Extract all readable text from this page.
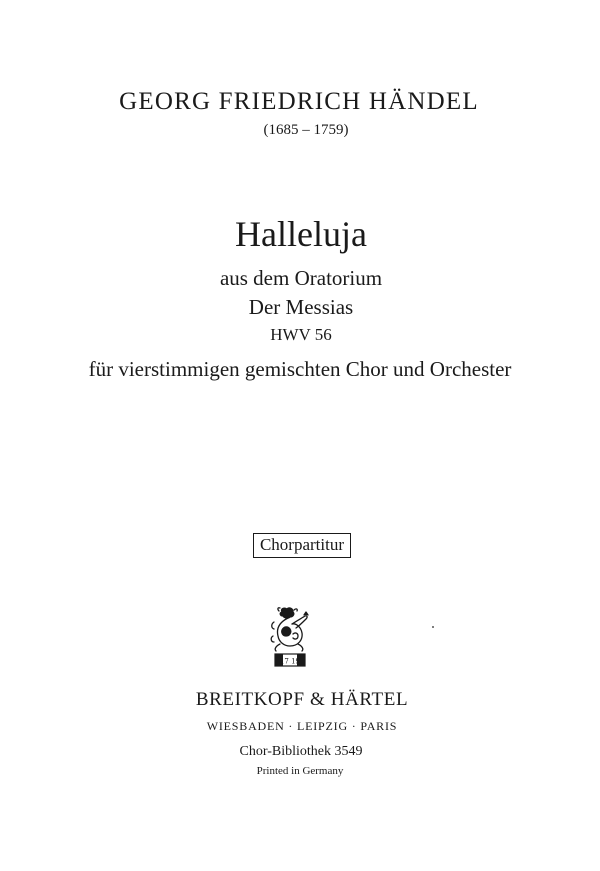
GEORG FRIEDRICH HÄNDEL
(1685 – 1759)
Halleluja
aus dem Oratorium
Der Messias
HWV 56
für vierstimmigen gemischten Chor und Orchester
Chorpartitur
17 19
BREITKOPF & HÄRTEL
WIESBADEN · LEIPZIG · PARIS
Chor-Bibliothek 3549
Printed in Germany
